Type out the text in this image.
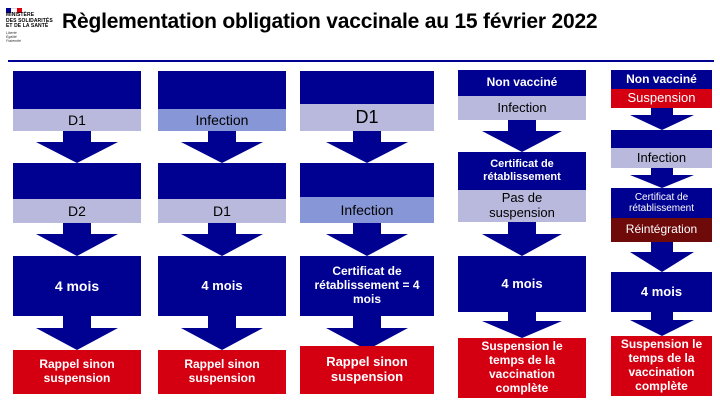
MINISTÈRE
DES SOLIDARITÉS
ET DE LA SANTÉ
Liberté
Égalité
Fraternité
Règlementation obligation vaccinale au 15 février 2022
D1
D2
4 mois
Rappel sinon suspension
Infection
D1
4 mois
Rappel sinon suspension
D1
Infection
Certificat de rétablissement = 4 mois
Rappel sinon suspension
Non vacciné
Infection
Certificat de rétablissement
Pas de suspension
4 mois
Suspension le temps de la vaccination complète
Non vacciné
Suspension
Infection
Certificat de rétablissement
Réintégration
4 mois
Suspension le temps de la vaccination complète
